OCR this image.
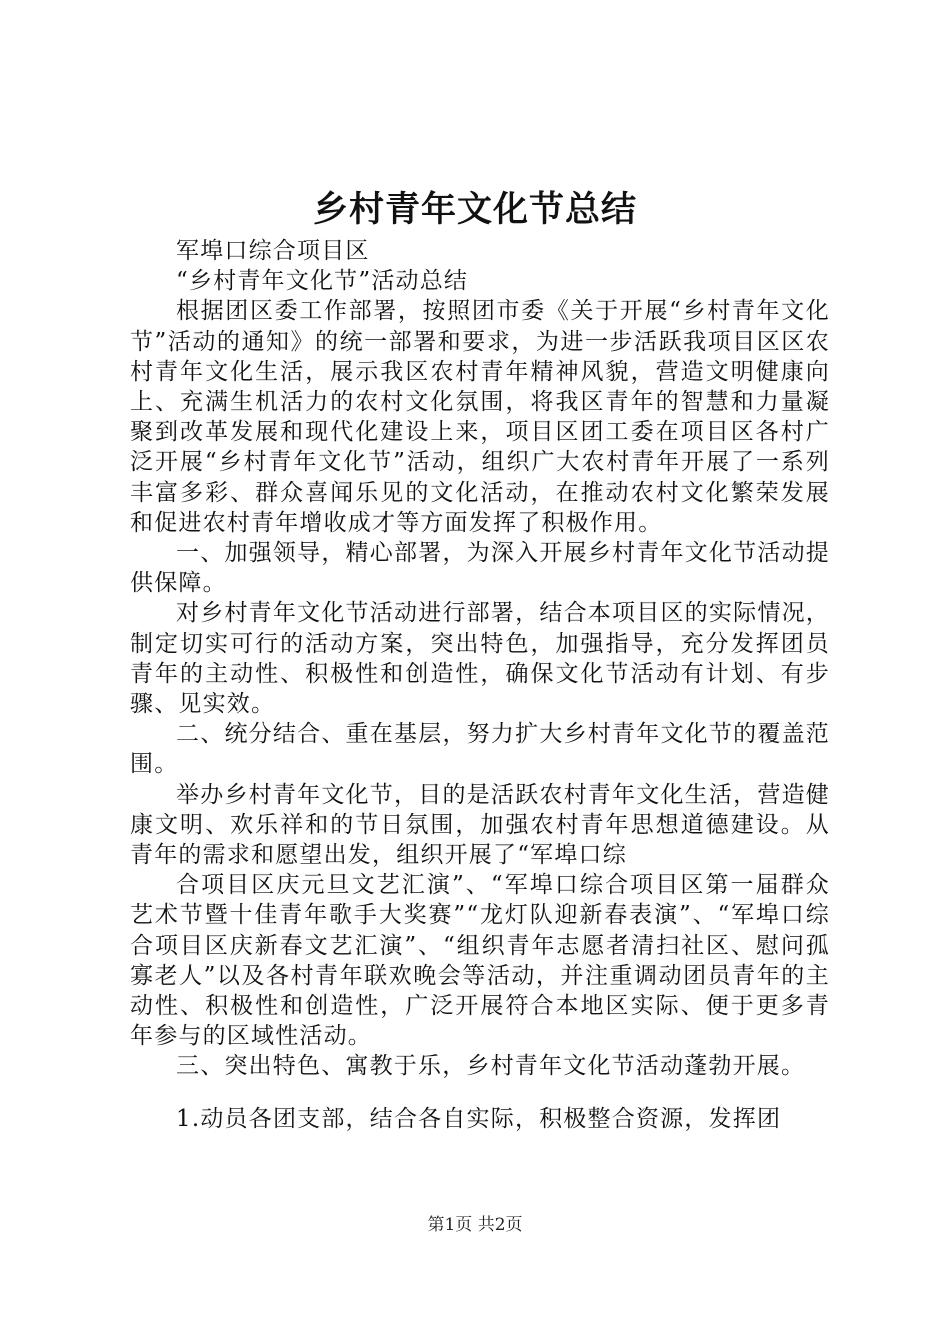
乡村青年文化节总结

军埠口综合项目区

“乡村青年文化节”活动总结

根据团区委工作部署，按照团市委《关于开展“乡村青年文化节”活动的通知》的统一部署和要求，为进一步活跃我项目区区农村青年文化生活，展示我区农村青年精神风貌，营造文明健康向上、充满生机活力的农村文化氛围，将我区青年的智慧和力量凝聚到改革发展和现代化建设上来，项目区团工委在项目区各村广泛开展“乡村青年文化节”活动，组织广大农村青年开展了一系列丰富多彩、群众喜闻乐见的文化活动，在推动农村文化繁荣发展和促进农村青年增收成才等方面发挥了积极作用。

一、加强领导，精心部署，为深入开展乡村青年文化节活动提供保障。

对乡村青年文化节活动进行部署，结合本项目区的实际情况，制定切实可行的活动方案，突出特色，加强指导，充分发挥团员青年的主动性、积极性和创造性，确保文化节活动有计划、有步骤、见实效。

二、统分结合、重在基层，努力扩大乡村青年文化节的覆盖范围。

举办乡村青年文化节，目的是活跃农村青年文化生活，营造健康文明、欢乐祥和的节日氛围，加强农村青年思想道德建设。从青年的需求和愿望出发，组织开展了“军埠口综

合项目区庆元旦文艺汇演”、“军埠口综合项目区第一届群众艺术节暨十佳青年歌手大奖赛”“龙灯队迎新春表演”、“军埠口综合项目区庆新春文艺汇演”、“组织青年志愿者清扫社区、慰问孤寡老人”以及各村青年联欢晚会等活动，并注重调动团员青年的主动性、积极性和创造性，广泛开展符合本地区实际、便于更多青年参与的区域性活动。

三、突出特色、寓教于乐，乡村青年文化节活动蓬勃开展。

1.动员各团支部，结合各自实际，积极整合资源，发挥团

第1页 共2页
